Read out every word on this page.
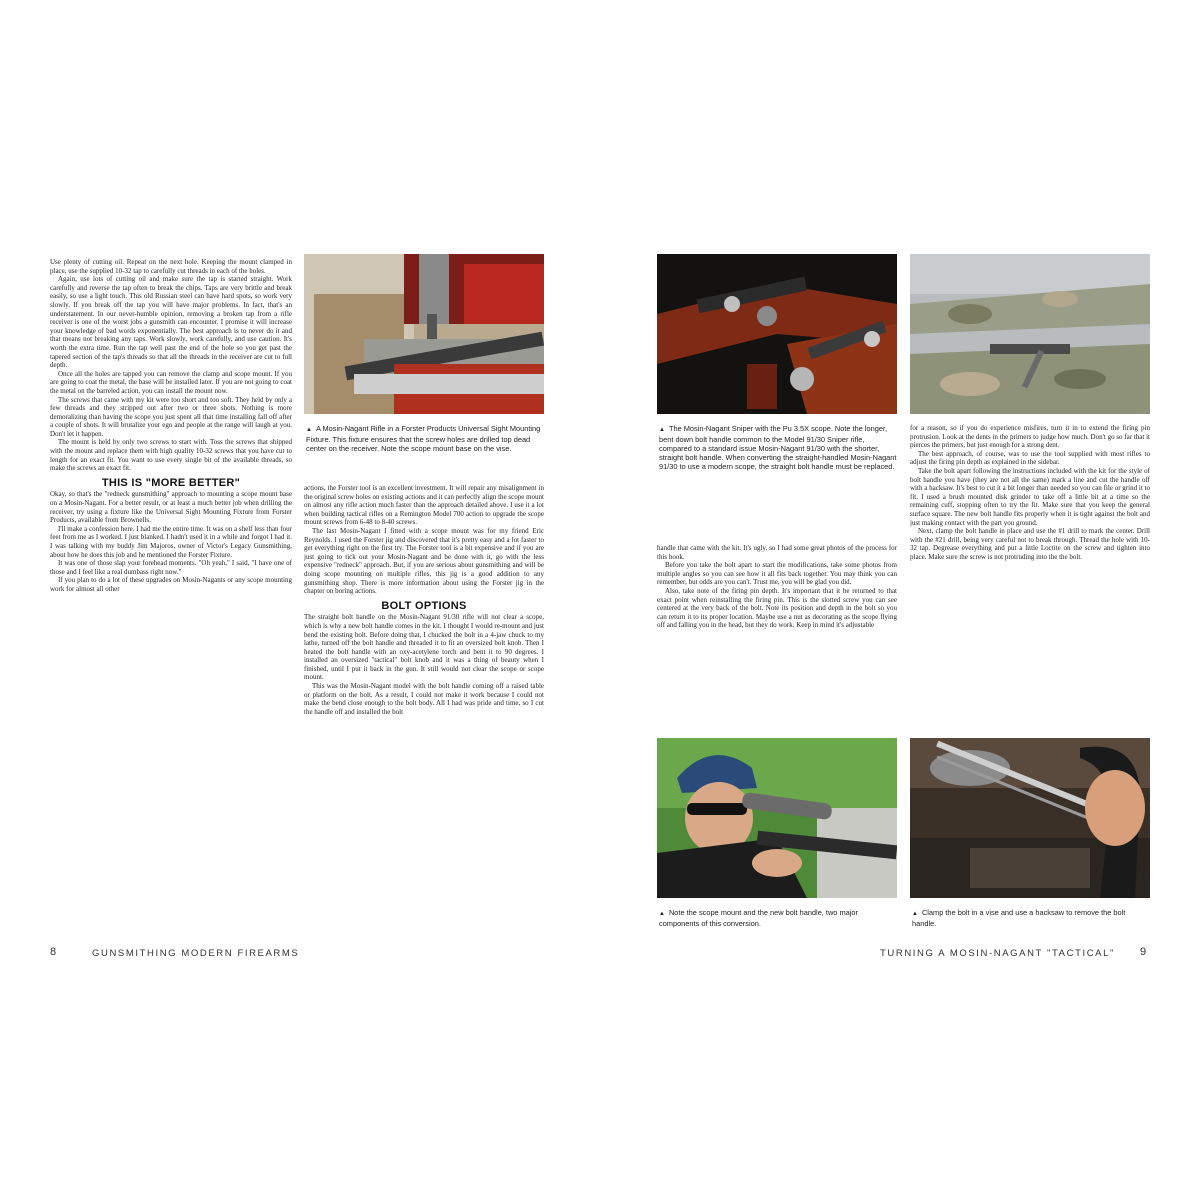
Use plenty of cutting oil. Repeat on the next hole. Keeping the mount clamped in place, use the supplied 10-32 tap to carefully cut threads in each of the holes.

Again, use lots of cutting oil and make sure the tap is started straight. Work carefully and reverse the tap often to break the chips. Taps are very brittle and break easily, so use a light touch. This old Russian steel can have hard spots, so work very slowly. If you break off the tap you will have major problems. In fact, that's an understatement. In our never-humble opinion, removing a broken tap from a rifle receiver is one of the worst jobs a gunsmith can encounter. I promise it will increase your knowledge of bad words exponentially. The best approach is to never do it and that means not breaking any taps. Work slowly, work carefully, and use caution. It's worth the extra time. Run the tap well past the end of the hole so you get past the tapered section of the tap's threads so that all the threads in the receiver are cut to full depth.

Once all the holes are tapped you can remove the clamp and scope mount. If you are going to coat the metal, the base will be installed later. If you are not going to coat the metal on the barreled action, you can install the mount now.

The screws that came with my kit were too short and too soft. They held by only a few threads and they stripped out after two or three shots. Nothing is more demoralizing than having the scope you just spent all that time installing fall off after a couple of shots. It will brutalize your ego and people at the range will laugh at you. Don't let it happen.

The mount is held by only two screws to start with. Toss the screws that shipped with the mount and replace them with high quality 10-32 screws that you have cut to length for an exact fit. You want to use every single bit of the available threads, so make the screws an exact fit.

THIS IS "MORE BETTER"

Okay, so that's the "redneck gunsmithing" approach to mounting a scope mount base on a Mosin-Nagant. For a better result, or at least a much better job when drilling the receiver, try using a fixture like the Universal Sight Mounting Fixture from Forster Products, available from Brownells.

I'll make a confession here. I had me the entire time. It was on a shelf less than four feet from me as I worked. I just blanked. I hadn't used it in a while and forgot I had it. I was talking with my buddy Jim Majoros, owner of Victor's Legacy Gunsmithing, about how he does this job and he mentioned the Forster Fixture.

It was one of those slap your forehead moments. "Oh yeah," I said, "I have one of those and I feel like a real dumbass right now."

If you plan to do a lot of these upgrades on Mosin-Nagants or any scope mounting work for almost all other

▲ A Mosin-Nagant Rifle in a Forster Products Universal Sight Mounting Fixture. This fixture ensures that the screw holes are drilled top dead center on the receiver. Note the scope mount base on the vise.

actions, the Forster tool is an excellent investment. It will repair any misalignment in the original screw holes on existing actions and it can perfectly align the scope mount on almost any rifle action much faster than the approach detailed above. I use it a lot when building tactical rifles on a Remington Model 700 action to upgrade the scope mount screws from 6-48 to 8-40 screws.

The last Mosin-Nagant I fitted with a scope mount was for my friend Eric Reynolds. I used the Forster jig and discovered that it's pretty easy and a lot faster to get everything right on the first try. The Forster tool is a bit expensive and if you are just going to tick out your Mosin-Nagant and be done with it, go with the less expensive "redneck" approach. But, if you are serious about gunsmithing and will be doing scope mounting on multiple rifles, this jig is a good addition to any gunsmithing shop. There is more information about using the Forster jig in the chapter on boring actions.

BOLT OPTIONS

The straight bolt handle on the Mosin-Nagant 91/30 rifle will not clear a scope, which is why a new bolt handle comes in the kit. I thought I would re-mount and just bend the existing bolt. Before doing that, I chucked the bolt in a 4-jaw chuck to my lathe, turned off the bolt handle and threaded it to fit an oversized bolt knob. Then I heated the bolt handle with an oxy-acetylene torch and bent it to 90 degrees. I installed an oversized "tactical" bolt knob and it was a thing of beauty when I finished, until I put it back in the gun. It still would not clear the scope or scope mount.

This was the Mosin-Nagant model with the bolt handle coming off a raised table or platform on the bolt. As a result, I could not make it work because I could not make the bend close enough to the bolt body. All I had was pride and time, so I cut the handle off and installed the bolt

8	GUNSMITHING MODERN FIREARMS
▲ The Mosin-Nagant Sniper with the Pu 3.5X scope. Note the longer, bent down bolt handle common to the Model 91/30 Sniper rifle, compared to a standard issue Mosin-Nagant 91/30 with the shorter, straight bolt handle. When converting the straight-handled Mosin-Nagant 91/30 to use a modern scope, the straight bolt handle must be replaced.

handle that came with the kit. It's ugly, so I had some great photos of the process for this book.

Before you take the bolt apart to start the modifications, take some photos from multiple angles so you can see how it all fits back together. You may think you can remember, but odds are you can't. Trust me, you will be glad you did.

Also, take note of the firing pin depth. It's important that it be returned to that exact point when reinstalling the firing pin. This is the slotted screw you can see centered at the very back of the bolt. Note its position and depth in the bolt so you can return it to its proper location. Maybe use a nut as decorating as the scope flying off and falling you in the head, but they do work. Keep in mind it's adjustable

for a reason, so if you do experience misfires, turn it in to extend the firing pin protrusion. Look at the dents in the primers to judge how much. Don't go so far that it pierces the primers, but just enough for a strong dent.

The best approach, of course, was to use the tool supplied with most rifles to adjust the firing pin depth as explained in the sidebar.

Take the bolt apart following the instructions included with the kit for the style of bolt handle you have (they are not all the same) mark a line and cut the handle off with a hacksaw. It's best to cut it a bit longer than needed so you can file or grind it to fit. I used a brush mounted disk grinder to take off a little bit at a time so the remaining cuff, stopping often to try the fit. Make sure that you keep the general surface square. The new bolt handle fits properly when it is tight against the bolt and just making contact with the part you ground.

Next, clamp the bolt handle in place and use the #1 drill to mark the center. Drill with the #21 drill, being very careful not to break through. Thread the hole with 10-32 tap. Degrease everything and put a little Loctite on the screw and tighten into place. Make sure the screw is not protruding into the the bolt.

▲ Note the scope mount and the new bolt handle, two major components of this conversion.
▲ Clamp the bolt in a vise and use a hacksaw to remove the bolt handle.
TURNING A MOSIN-NAGANT "TACTICAL" 9
